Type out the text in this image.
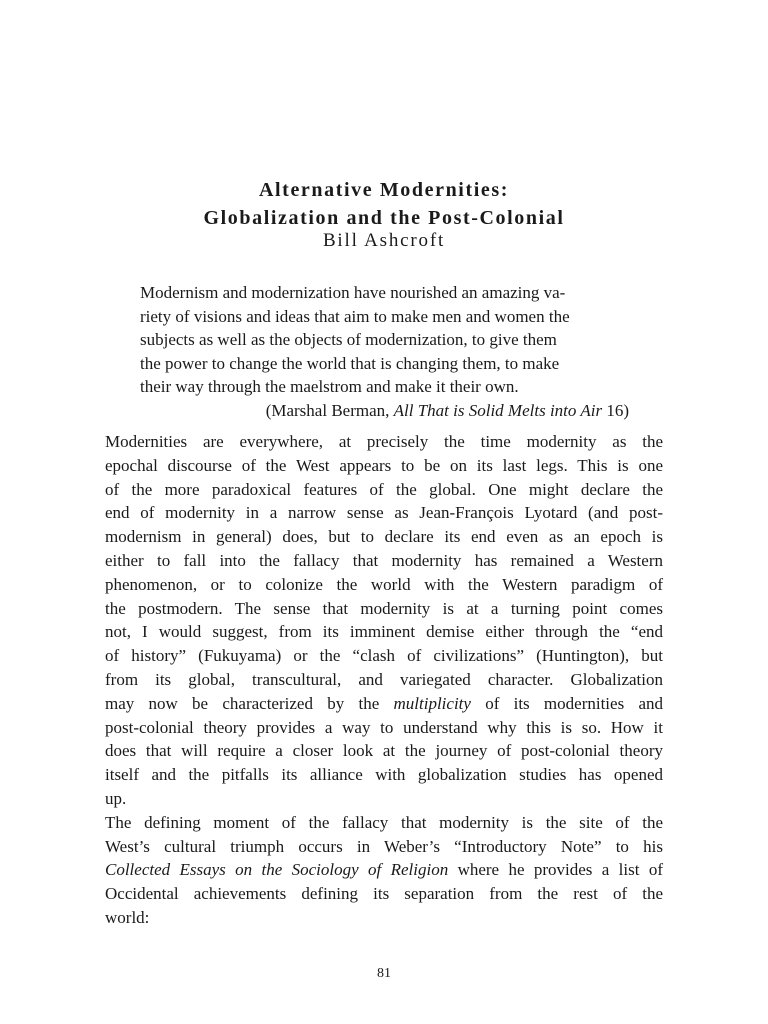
Alternative Modernities:
Globalization and the Post-Colonial
Bill Ashcroft
Modernism and modernization have nourished an amazing va-
riety of visions and ideas that aim to make men and women the
subjects as well as the objects of modernization, to give them
the power to change the world that is changing them, to make
their way through the maelstrom and make it their own.
(Marshal Berman, All That is Solid Melts into Air 16)
Modernities are everywhere, at precisely the time modernity as the
epochal discourse of the West appears to be on its last legs. This is one
of the more paradoxical features of the global. One might declare the
end of modernity in a narrow sense as Jean-François Lyotard (and post-
modernism in general) does, but to declare its end even as an epoch is
either to fall into the fallacy that modernity has remained a Western
phenomenon, or to colonize the world with the Western paradigm of
the postmodern. The sense that modernity is at a turning point comes
not, I would suggest, from its imminent demise either through the “end
of history” (Fukuyama) or the “clash of civilizations” (Huntington), but
from its global, transcultural, and variegated character. Globalization
may now be characterized by the multiplicity of its modernities and
post-colonial theory provides a way to understand why this is so. How it
does that will require a closer look at the journey of post-colonial theory
itself and the pitfalls its alliance with globalization studies has opened
up.
The defining moment of the fallacy that modernity is the site of the
West’s cultural triumph occurs in Weber’s “Introductory Note” to his
Collected Essays on the Sociology of Religion where he provides a list of
Occidental achievements defining its separation from the rest of the
world:
81
